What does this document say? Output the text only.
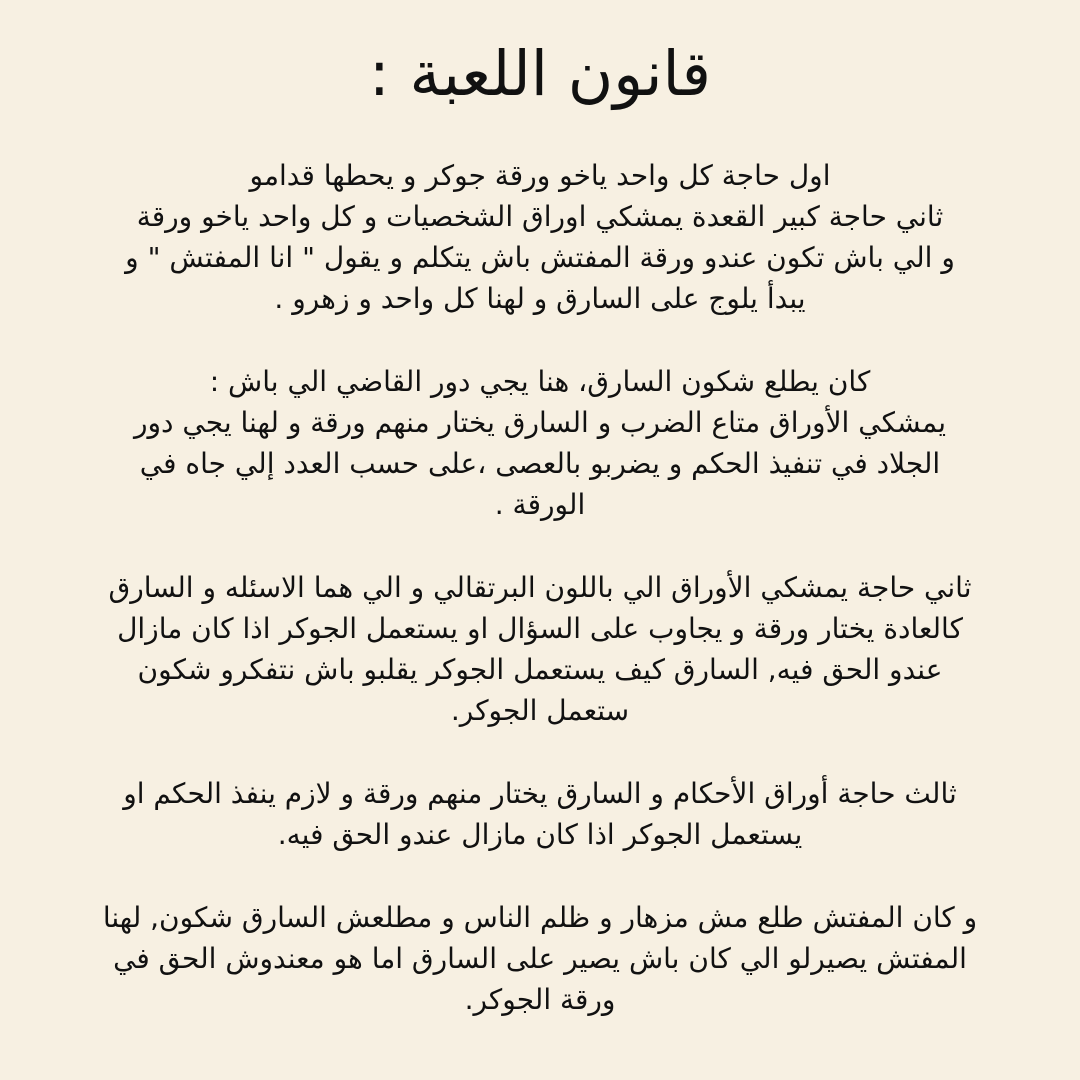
قانون اللعبة :
اول حاجة كل واحد ياخو ورقة جوكر و يحطها قدامو
ثاني حاجة كبير القعدة يمشكي اوراق الشخصيات و كل واحد ياخو ورقة
و الي باش تكون عندو ورقة المفتش باش يتكلم و يقول " انا المفتش " و
يبدأ يلوج على السارق و لهنا كل واحد و زهرو .
كان يطلع شكون السارق، هنا يجي دور القاضي الي باش :
يمشكي الأوراق متاع الضرب و السارق يختار منهم ورقة و لهنا يجي دور
الجلاد في تنفيذ الحكم و يضربو بالعصى ،على حسب العدد إلي جاه في
الورقة .
ثاني حاجة يمشكي الأوراق الي باللون البرتقالي و الي هما الاسئله و السارق
كالعادة يختار ورقة و يجاوب على السؤال او يستعمل الجوكر اذا كان مازال
عندو الحق فيه, السارق كيف يستعمل الجوكر يقلبو باش نتفكرو شكون
ستعمل الجوكر.
ثالث حاجة أوراق الأحكام و السارق يختار منهم ورقة و لازم ينفذ الحكم او
يستعمل الجوكر اذا كان مازال عندو الحق فيه.
و كان المفتش طلع مش مزهار و ظلم الناس و مطلعش السارق شكون, لهنا
المفتش يصيرلو الي كان باش يصير على السارق اما هو معندوش الحق في
ورقة الجوكر.
